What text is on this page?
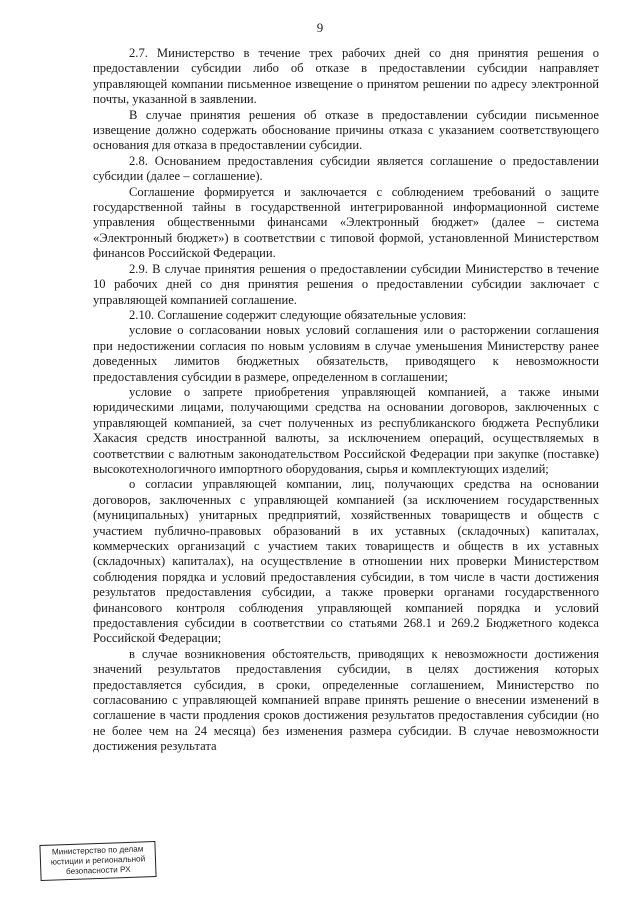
9

2.7. Министерство в течение трех рабочих дней со дня принятия решения о предоставлении субсидии либо об отказе в предоставлении субсидии направляет управляющей компании письменное извещение о принятом решении по адресу электронной почты, указанной в заявлении.

В случае принятия решения об отказе в предоставлении субсидии письменное извещение должно содержать обоснование причины отказа с указанием соответствующего основания для отказа в предоставлении субсидии.

2.8. Основанием предоставления субсидии является соглашение о предоставлении субсидии (далее – соглашение).

Соглашение формируется и заключается с соблюдением требований о защите государственной тайны в государственной интегрированной информационной системе управления общественными финансами «Электронный бюджет» (далее – система «Электронный бюджет») в соответствии с типовой формой, установленной Министерством финансов Российской Федерации.

2.9. В случае принятия решения о предоставлении субсидии Министерство в течение 10 рабочих дней со дня принятия решения о предоставлении субсидии заключает с управляющей компанией соглашение.

2.10. Соглашение содержит следующие обязательные условия:

условие о согласовании новых условий соглашения или о расторжении соглашения при недостижении согласия по новым условиям в случае уменьшения Министерству ранее доведенных лимитов бюджетных обязательств, приводящего к невозможности предоставления субсидии в размере, определенном в соглашении;

условие о запрете приобретения управляющей компанией, а также иными юридическими лицами, получающими средства на основании договоров, заключенных с управляющей компанией, за счет полученных из республиканского бюджета Республики Хакасия средств иностранной валюты, за исключением операций, осуществляемых в соответствии с валютным законодательством Российской Федерации при закупке (поставке) высокотехнологичного импортного оборудования, сырья и комплектующих изделий;

о согласии управляющей компании, лиц, получающих средства на основании договоров, заключенных с управляющей компанией (за исключением государственных (муниципальных) унитарных предприятий, хозяйственных товариществ и обществ с участием публично-правовых образований в их уставных (складочных) капиталах, коммерческих организаций с участием таких товариществ и обществ в их уставных (складочных) капиталах), на осуществление в отношении них проверки Министерством соблюдения порядка и условий предоставления субсидии, в том числе в части достижения результатов предоставления субсидии, а также проверки органами государственного финансового контроля соблюдения управляющей компанией порядка и условий предоставления субсидии в соответствии со статьями 268.1 и 269.2 Бюджетного кодекса Российской Федерации;

в случае возникновения обстоятельств, приводящих к невозможности достижения значений результатов предоставления субсидии, в целях достижения которых предоставляется субсидия, в сроки, определенные соглашением, Министерство по согласованию с управляющей компанией вправе принять решение о внесении изменений в соглашение в части продления сроков достижения результатов предоставления субсидии (но не более чем на 24 месяца) без изменения размера субсидии. В случае невозможности достижения результата

Министерство по делам
юстиции и региональной
безопасности РХ
